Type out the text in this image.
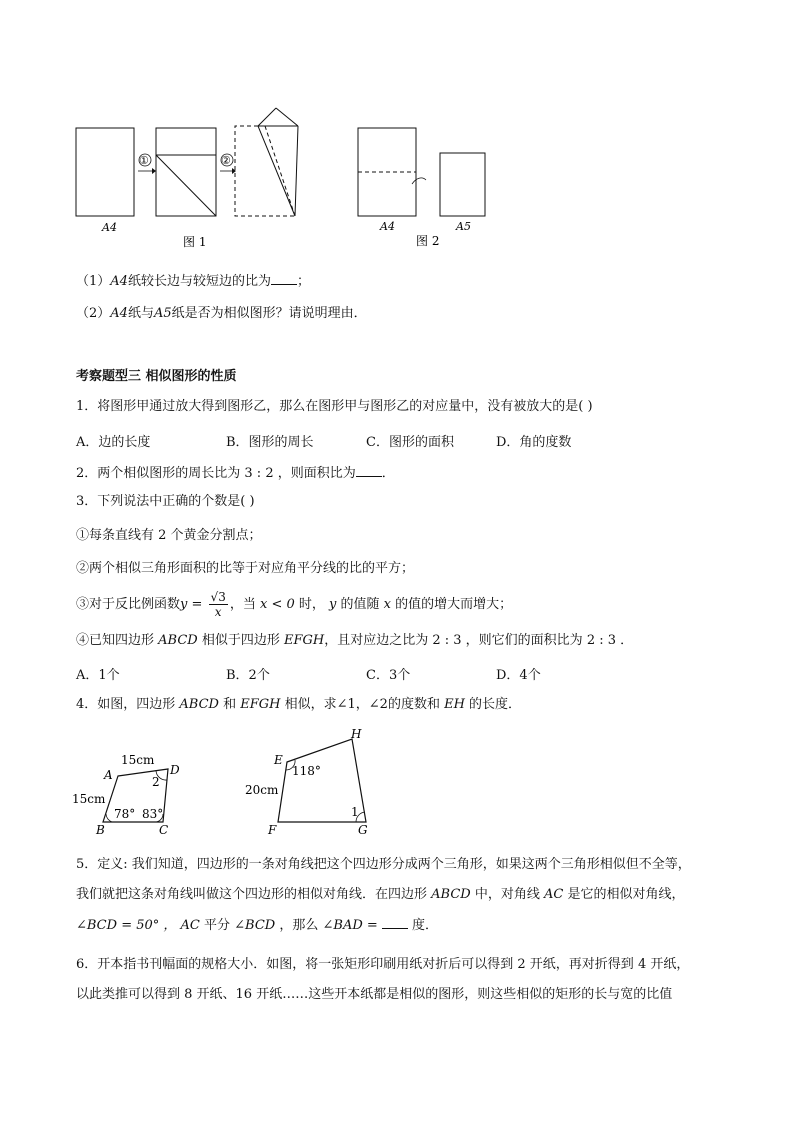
①	②
A4
图 1
A4	A5
图 2
（1）A4纸较长边与较短边的比为 ；
（2）A4纸与A5纸是否为相似图形？请说明理由．
考察题型三 相似图形的性质
1．将图形甲通过放大得到图形乙，那么在图形甲与图形乙的对应量中，没有被放大的是( )
A．边的长度	B．图形的周长	C．图形的面积	D．角的度数
2．两个相似图形的周长比为 3 : 2 ，则面积比为 ．
3．下列说法中正确的个数是( )
①每条直线有 2 个黄金分割点；
②两个相似三角形面积的比等于对应角平分线的比的平方；
③对于反比例函数$y = \frac{√3}{x}$ ，当 x < 0 时， y 的值随 x 的值的增大而增大；
④已知四边形 ABCD 相似于四边形 EFGH，且对应边之比为 2 : 3 ，则它们的面积比为 2 : 3 ．
A．1个	B．2个	C．3个	D．4个
4．如图，四边形 ABCD 和 EFGH 相似，求∠1，∠2的度数和 EH 的长度．
A	D
B	C
15cm
15cm
78° 83°
2
E
H
F	G
20cm
118°
1
5．定义: 我们知道，四边形的一条对角线把这个四边形分成两个三角形，如果这两个三角形相似但不全等，
我们就把这条对角线叫做这个四边形的相似对角线．在四边形 ABCD 中，对角线 AC 是它的相似对角线，
∠BCD = 50° ， AC 平分 ∠BCD ，那么 ∠BAD =  度．
6．开本指书刊幅面的规格大小．如图，将一张矩形印刷用纸对折后可以得到 2 开纸，再对折得到 4 开纸，
以此类推可以得到 8 开纸、16 开纸……这些开本纸都是相似的图形，则这些相似的矩形的长与宽的比值
